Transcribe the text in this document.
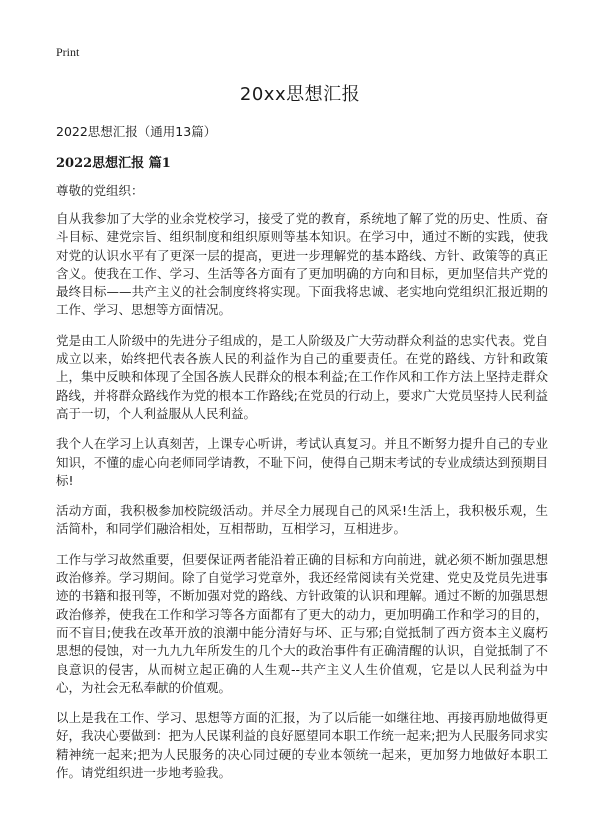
Print
20xx思想汇报
2022思想汇报（通用13篇）
2022思想汇报 篇1
尊敬的党组织：

自从我参加了大学的业余党校学习，接受了党的教育，系统地了解了党的历史、性质、奋斗目标、建党宗旨、组织制度和组织原则等基本知识。在学习中，通过不断的实践，使我对党的认识水平有了更深一层的提高，更进一步理解党的基本路线、方针、政策等的真正含义。使我在工作、学习、生活等各方面有了更加明确的方向和目标，更加坚信共产党的最终目标——共产主义的社会制度终将实现。下面我将忠诚、老实地向党组织汇报近期的工作、学习、思想等方面情况。

党是由工人阶级中的先进分子组成的，是工人阶级及广大劳动群众利益的忠实代表。党自成立以来，始终把代表各族人民的利益作为自己的重要责任。在党的路线、方针和政策上，集中反映和体现了全国各族人民群众的根本利益;在工作作风和工作方法上坚持走群众路线，并将群众路线作为党的根本工作路线;在党员的行动上，要求广大党员坚持人民利益高于一切，个人利益服从人民利益。

我个人在学习上认真刻苦，上课专心听讲，考试认真复习。并且不断努力提升自己的专业知识，不懂的虚心向老师同学请教，不耻下问，使得自己期末考试的专业成绩达到预期目标!

活动方面，我积极参加校院级活动。并尽全力展现自己的风采!生活上，我积极乐观，生活简朴，和同学们融洽相处，互相帮助，互相学习，互相进步。

工作与学习故然重要，但要保证两者能沿着正确的目标和方向前进，就必须不断加强思想政治修养。学习期间。除了自觉学习党章外，我还经常阅读有关党建、党史及党员先进事迹的书籍和报刊等，不断加强对党的路线、方针政策的认识和理解。通过不断的加强思想政治修养，使我在工作和学习等各方面都有了更大的动力，更加明确工作和学习的目的，而不盲目;使我在改革开放的浪潮中能分清好与坏、正与邪;自觉抵制了西方资本主义腐朽思想的侵蚀，对一九九九年所发生的几个大的政治事件有正确清醒的认识，自觉抵制了不良意识的侵害，从而树立起正确的人生观--共产主义人生价值观，它是以人民利益为中心，为社会无私奉献的价值观。

以上是我在工作、学习、思想等方面的汇报，为了以后能一如继往地、再接再励地做得更好，我决心要做到：把为人民谋利益的良好愿望同本职工作统一起来;把为人民服务同求实精神统一起来;把为人民服务的决心同过硬的专业本领统一起来，更加努力地做好本职工作。请党组织进一步地考验我。
